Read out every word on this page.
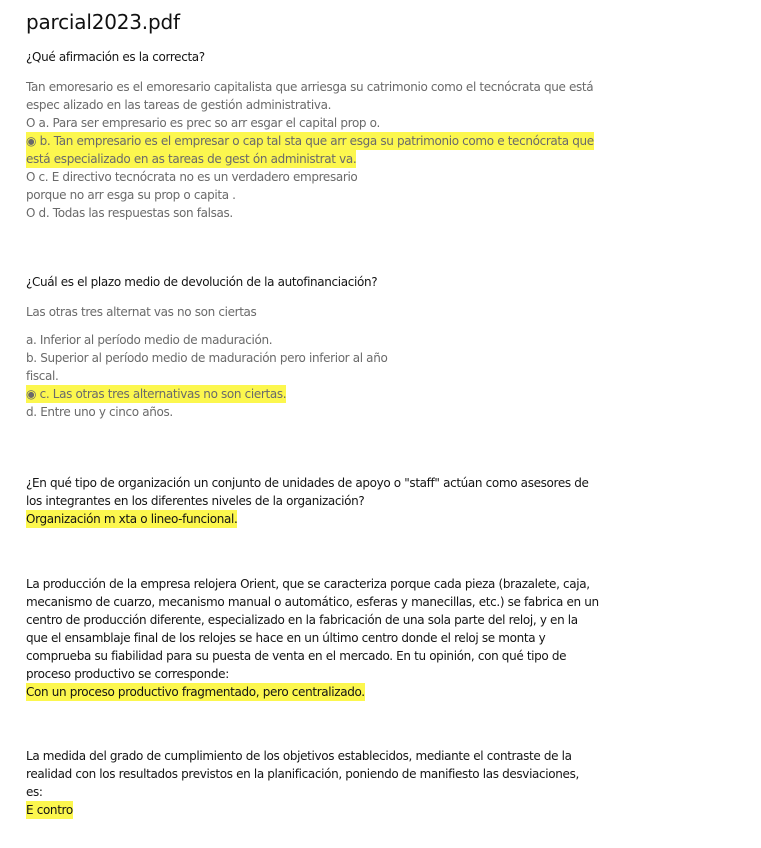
parcial2023.pdf
¿Qué afirmación es la correcta?
Tan emoresario es el emoresario capitalista que arriesga su catrimonio como el tecnócrata que está
espec alizado en las tareas de gestión administrativa.
O a. Para ser empresario es prec so arr esgar el capital prop o.
◉ b. Tan empresario es el empresar o cap tal sta que arr esga su patrimonio como e tecnócrata que
está especializado en as tareas de gest ón administrat va.
O c. E directivo tecnócrata no es un verdadero empresario
porque no arr esga su prop o capita .
O d. Todas las respuestas son falsas.
¿Cuál es el plazo medio de devolución de la autofinanciación?
Las otras tres alternat vas no son ciertas
a. Inferior al período medio de maduración.
b. Superior al período medio de maduración pero inferior al año
fiscal.
◉ c. Las otras tres alternativas no son ciertas.
d. Entre uno y cinco años.
¿En qué tipo de organización un conjunto de unidades de apoyo o "staff" actúan como asesores de
los integrantes en los diferentes niveles de la organización?
Organización m xta o lineo-funcional.
La producción de la empresa relojera Orient, que se caracteriza porque cada pieza (brazalete, caja,
mecanismo de cuarzo, mecanismo manual o automático, esferas y manecillas, etc.) se fabrica en un
centro de producción diferente, especializado en la fabricación de una sola parte del reloj, y en la
que el ensamblaje final de los relojes se hace en un último centro donde el reloj se monta y
comprueba su fiabilidad para su puesta de venta en el mercado. En tu opinión, con qué tipo de
proceso productivo se corresponde:
Con un proceso productivo fragmentado, pero centralizado.
La medida del grado de cumplimiento de los objetivos establecidos, mediante el contraste de la
realidad con los resultados previstos en la planificación, poniendo de manifiesto las desviaciones,
es:
E contro
